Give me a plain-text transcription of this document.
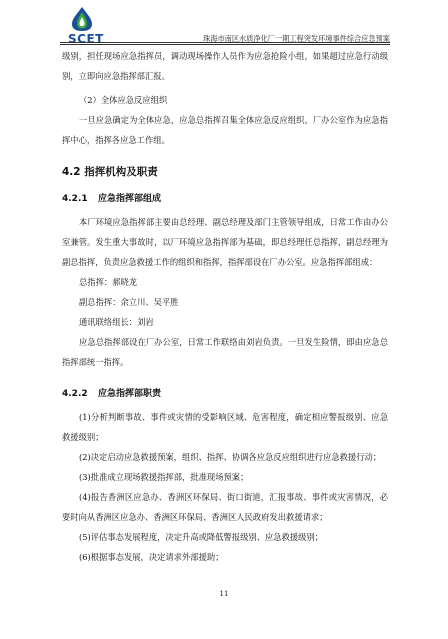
SCET	珠海市南区水质净化厂一期工程突发环境事件综合应急预案

级别，担任现场应急指挥员，调动现场操作人员作为应急抢险小组，如果超过应急行动级别，立即向应急指挥部汇报。

（2）全体应急反应组织

一旦应急确定为全体应急，应急总指挥召集全体应急反应组织。厂办公室作为应急指挥中心，指挥各应急工作组。

4.2 指挥机构及职责
4.2.1 应急指挥部组成

本厂环境应急指挥部主要由总经理、副总经理及部门主管领导组成，日常工作由办公室兼管。发生重大事故时，以厂环境应急指挥部为基础，即总经理任总指挥，副总经理为副总指挥，负责应急救援工作的组织和指挥，指挥部设在厂办公室。应急指挥部组成：

总指挥：郝晓龙

副总指挥：余立川、吴平胜

通讯联络组长：刘岩

应急总指挥部设在厂办公室，日常工作联络由刘岩负责。一旦发生险情，即由应急总指挥部统一指挥。

4.2.2 应急指挥部职责

(1)分析判断事故、事件或灾情的受影响区域、危害程度，确定相应警报级别、应急救援级别；

(2)决定启动应急救援预案，组织、指挥、协调各应急反应组织进行应急救援行动；

(3)批准成立现场救援指挥部，批准现场预案；

(4)报告香洲区应急办、香洲区环保局、街口街道，汇报事故、事件或灾害情况，必要时向从香洲区应急办、香洲区环保局、香洲区人民政府发出救援请求；

(5)评估事态发展程度，决定升高或降低警报级别、应急救援级别；

(6)根据事态发展，决定请求外部援助；

11
